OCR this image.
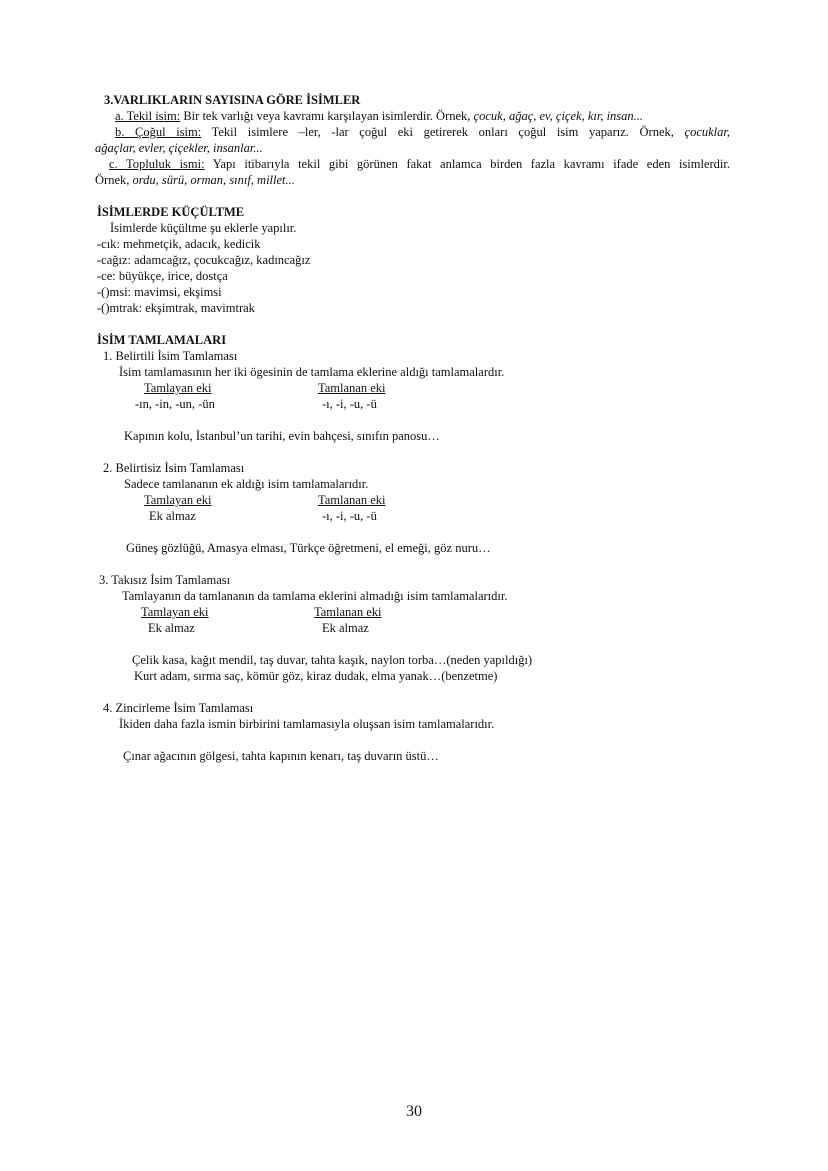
3.VARLIKLARIN SAYISINA GÖRE İSİMLER
a. Tekil isim: Bir tek varlığı veya kavramı karşılayan isimlerdir. Örnek, çocuk, ağaç, ev, çiçek, kır, insan...
b. Çoğul isim: Tekil isimlere –ler, -lar çoğul eki getirerek onları çoğul isim yaparız. Örnek, çocuklar,
ağaçlar, evler, çiçekler, insanlar...
c. Topluluk ismi: Yapı itibarıyla tekil gibi görünen fakat anlamca birden fazla kavramı ifade eden isimlerdir.
Örnek, ordu, sürü, orman, sınıf, millet...
İSİMLERDE KÜÇÜLTME
İsimlerde küçültme şu eklerle yapılır.
-cık: mehmetçik, adacık, kedicik
-cağız: adamcağız, çocukcağız, kadıncağız
-ce: büyükçe, irice, dostça
-()msi: mavimsi, ekşimsi
-()mtrak: ekşimtrak, mavimtrak
İSİM TAMLAMALARI
1. Belirtili İsim Tamlaması
İsim tamlamasının her iki ögesinin de tamlama eklerine aldığı tamlamalardır.
Tamlayan eki	Tamlanan eki
-ın, -in, -un, -ün	-ı, -i, -u, -ü
Kapının kolu, İstanbul’un tarihi, evin bahçesi, sınıfın panosu…
2. Belirtisiz İsim Tamlaması
Sadece tamlananın ek aldığı isim tamlamalarıdır.
Tamlayan eki	Tamlanan eki
Ek almaz	-ı, -i, -u, -ü
Güneş gözlüğü, Amasya elması, Türkçe öğretmeni, el emeği, göz nuru…
3. Takısız İsim Tamlaması
Tamlayanın da tamlananın da tamlama eklerini almadığı isim tamlamalarıdır.
Tamlayan eki	Tamlanan eki
Ek almaz	Ek almaz
Çelik kasa, kağıt mendil, taş duvar, tahta kaşık, naylon torba…(neden yapıldığı)
Kurt adam, sırma saç, kömür göz, kiraz dudak, elma yanak…(benzetme)
4. Zincirleme İsim Tamlaması
İkiden daha fazla ismin birbirini tamlamasıyla oluşsan isim tamlamalarıdır.
Çınar ağacının gölgesi, tahta kapının kenarı, taş duvarın üstü…
30
